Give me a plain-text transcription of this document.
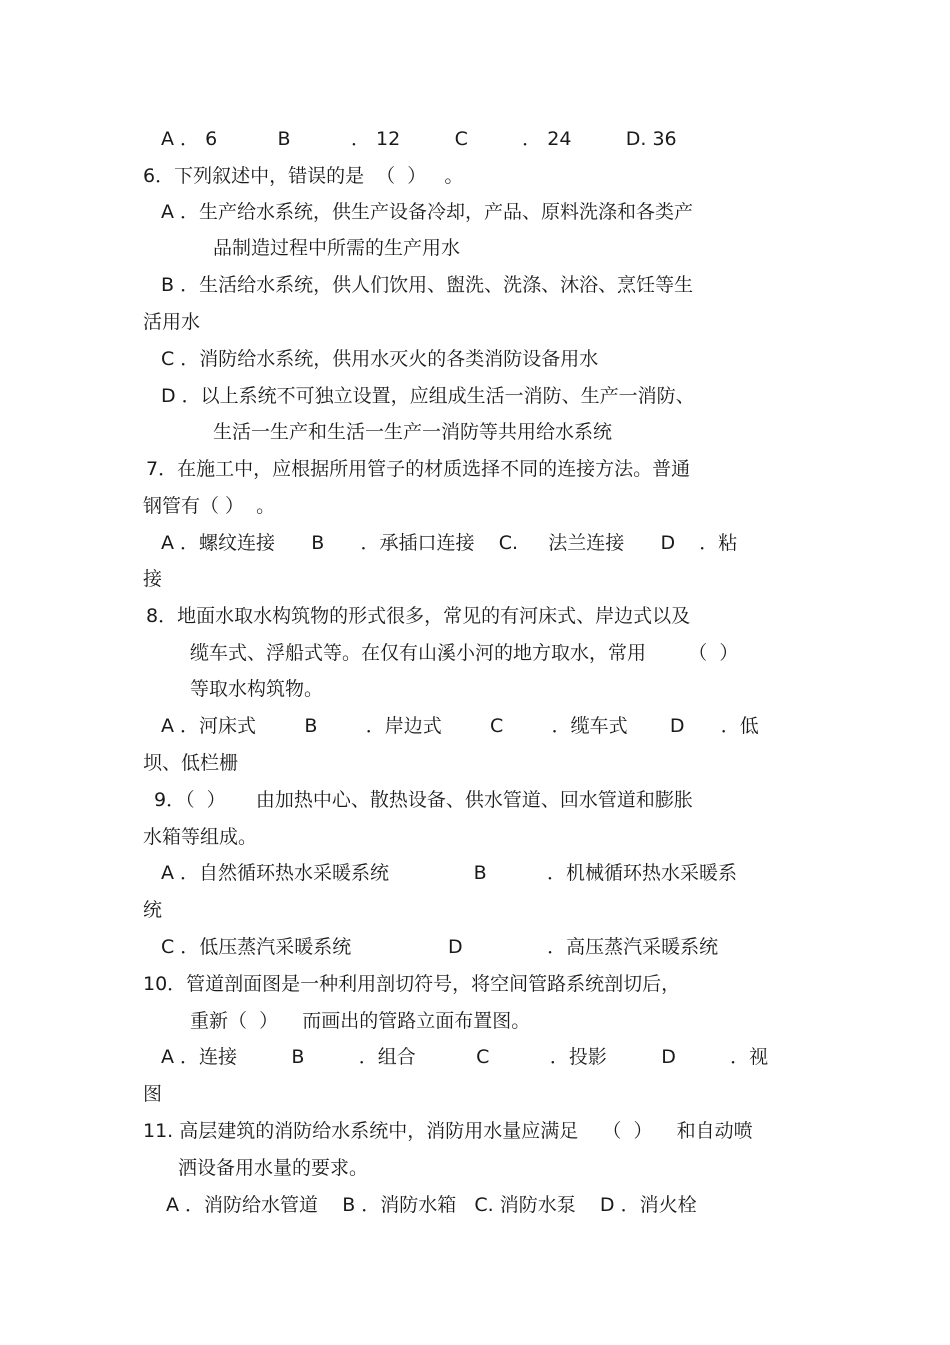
A ． 6          B          ． 12         C         ． 24         D. 36
6．下列叙述中，错误的是  （  ）   。
A ．生产给水系统，供生产设备冷却，产品、原料洗涤和各类产
品制造过程中所需的生产用水
B ．生活给水系统，供人们饮用、盥洗、洗涤、沐浴、烹饪等生
活用水
C ．消防给水系统，供用水灭火的各类消防设备用水
D ．以上系统不可独立设置，应组成生活一消防、生产一消防、
生活一生产和生活一生产一消防等共用给水系统
7．在施工中，应根据所用管子的材质选择不同的连接方法。普通
钢管有（ ）  。
A ．螺纹连接      B      ．承插口连接    C.     法兰连接      D    ．粘
接
8．地面水取水构筑物的形式很多，常见的有河床式、岸边式以及
缆车式、浮船式等。在仅有山溪小河的地方取水，常用       （  ）
等取水构筑物。
A ．河床式        B        ．岸边式        C        ．缆车式       D      ．低
坝、低栏栅
9．（  ）     由加热中心、散热设备、供水管道、回水管道和膨胀
水箱等组成。
A ．自然循环热水采暖系统              B          ．机械循环热水采暖系
统
C ．低压蒸汽采暖系统                D              ．高压蒸汽采暖系统
10．管道剖面图是一种利用剖切符号，将空间管路系统剖切后，
重新（  ）    而画出的管路立面布置图。
A ．连接         B         ．组合          C          ．投影         D         ．视
图
11. 高层建筑的消防给水系统中，消防用水量应满足    （  ）    和自动喷
洒设备用水量的要求。
A ．消防给水管道    B ．消防水箱   C. 消防水泵    D ．消火栓
